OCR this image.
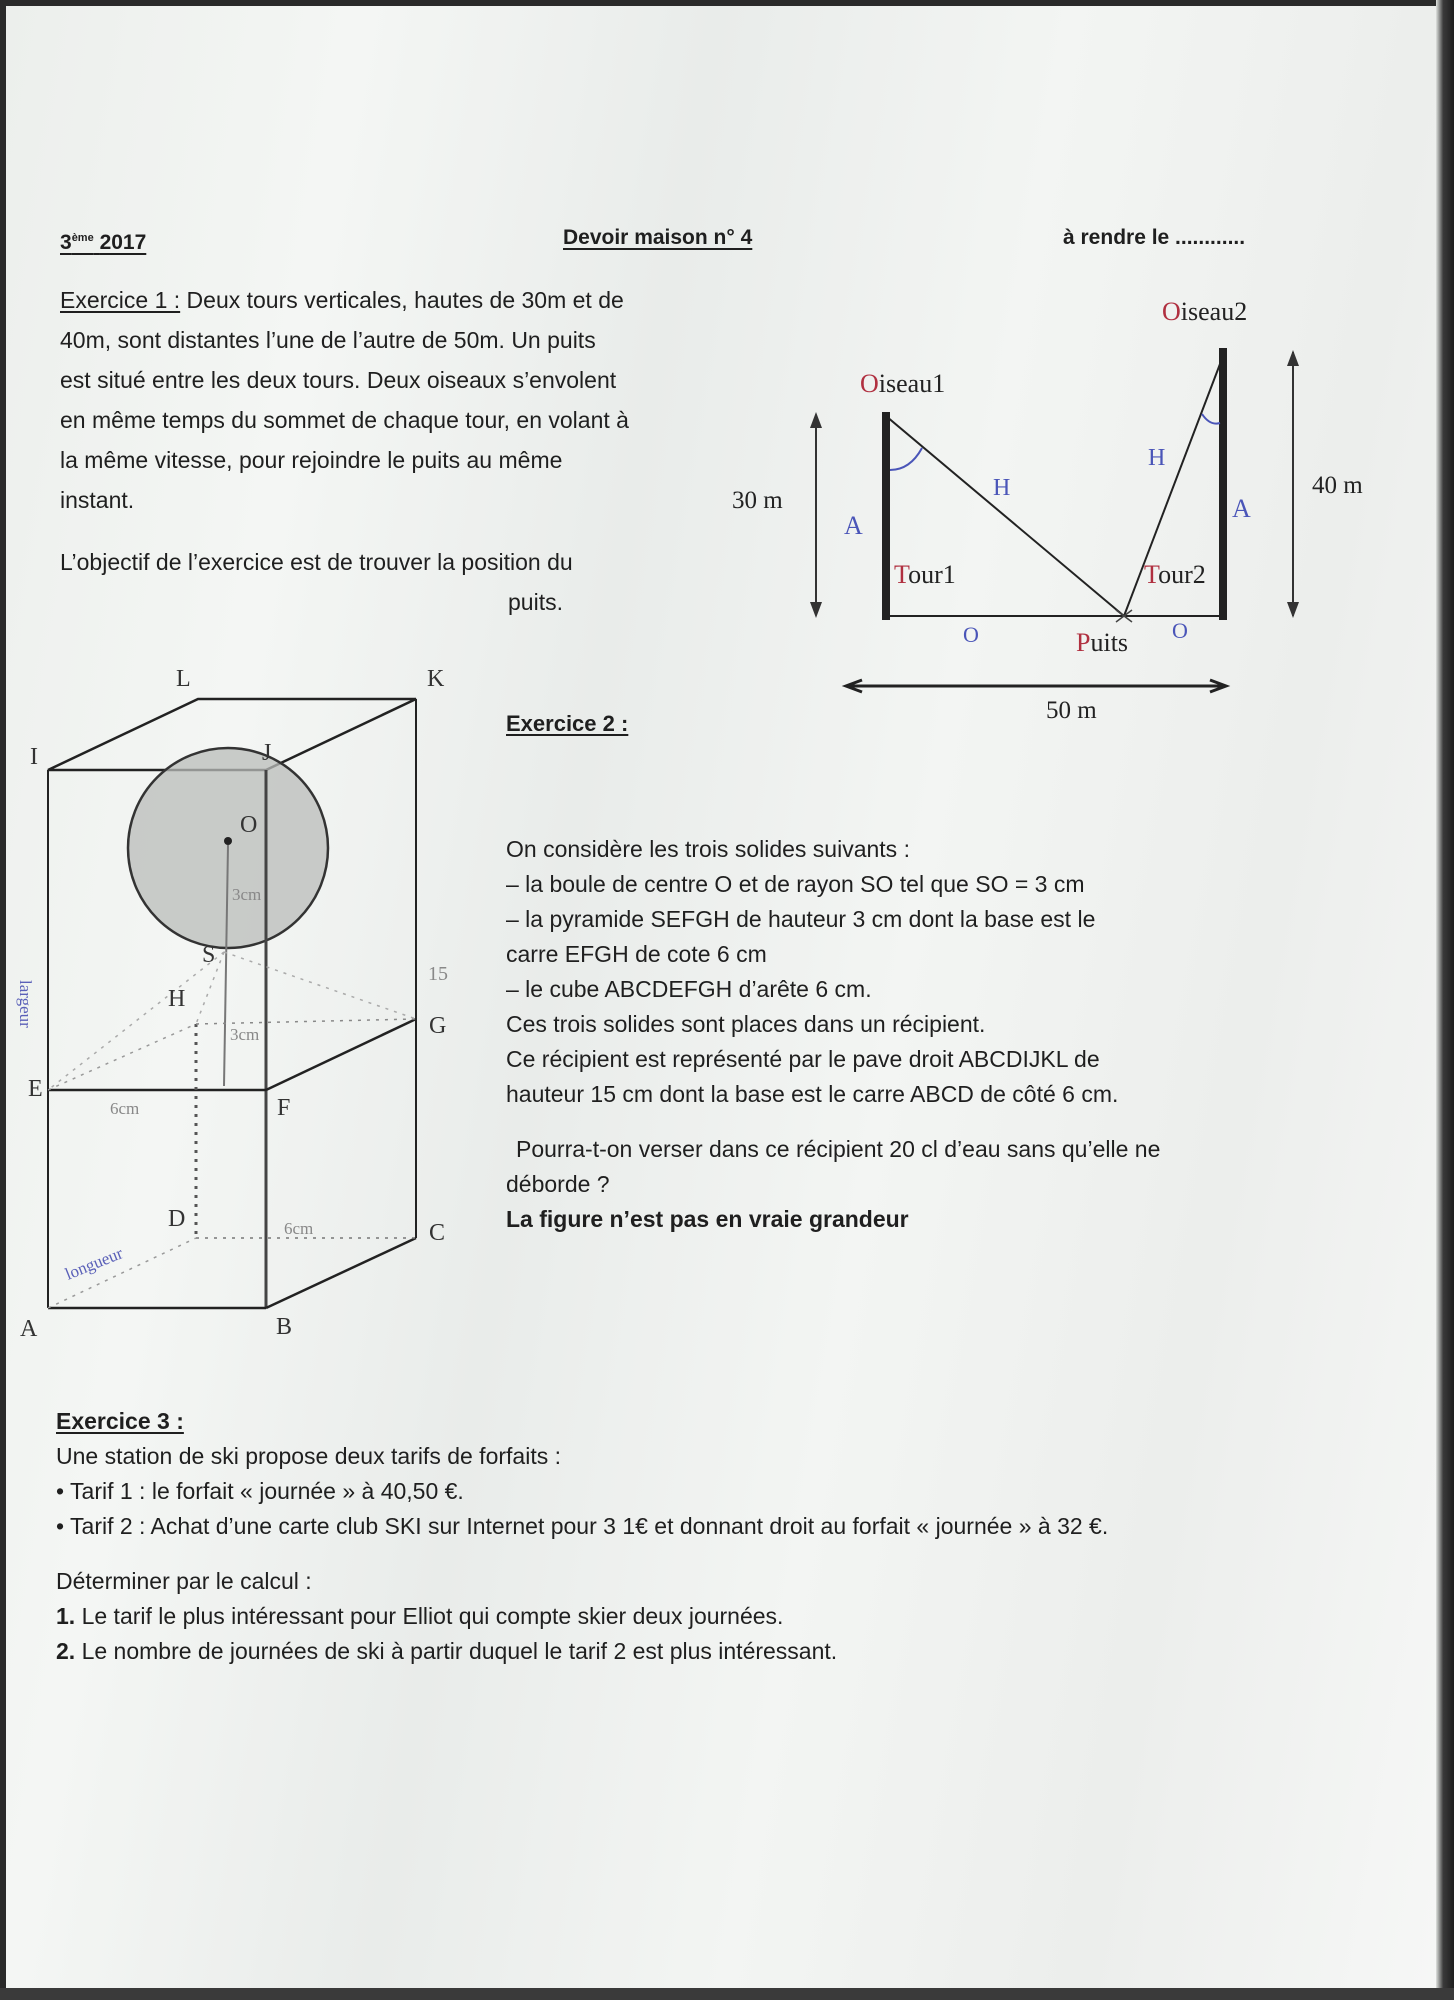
3ème 2017	Devoir maison n° 4	à rendre le ............
Exercice 1 : Deux tours verticales, hautes de 30m et de
40m, sont distantes l’une de l’autre de 50m. Un puits
est situé entre les deux tours. Deux oiseaux s’envolent
en même temps du sommet de chaque tour, en volant à
la même vitesse, pour rejoindre le puits au même
instant.
L’objectif de l’exercice est de trouver la position du
puits.
Oiseau1
Oiseau2
Tour1	Tour2
Puits
30 m
40 m
50 m
A
A
H
H
O	O
I
L	K
J
O
S
H
G
E
F
D
C
A	B
3cm
3cm
6cm
6cm
15
largeur
longueur
Exercice 2 :
On considère les trois solides suivants :
– la boule de centre O et de rayon SO tel que SO = 3 cm
– la pyramide SEFGH de hauteur 3 cm dont la base est le
carre EFGH de cote 6 cm
– le cube ABCDEFGH d’arête 6 cm.
Ces trois solides sont places dans un récipient.
Ce récipient est représenté par le pave droit ABCDIJKL de
hauteur 15 cm dont la base est le carre ABCD de côté 6 cm.
Pourra-t-on verser dans ce récipient 20 cl d’eau sans qu’elle ne
déborde ?
La figure n’est pas en vraie grandeur
Exercice 3 :
Une station de ski propose deux tarifs de forfaits :
• Tarif 1 : le forfait « journée » à 40,50 €.
• Tarif 2 : Achat d’une carte club SKI sur Internet pour 3 1€ et donnant droit au forfait « journée » à 32 €.
Déterminer par le calcul :
1. Le tarif le plus intéressant pour Elliot qui compte skier deux journées.
2. Le nombre de journées de ski à partir duquel le tarif 2 est plus intéressant.
